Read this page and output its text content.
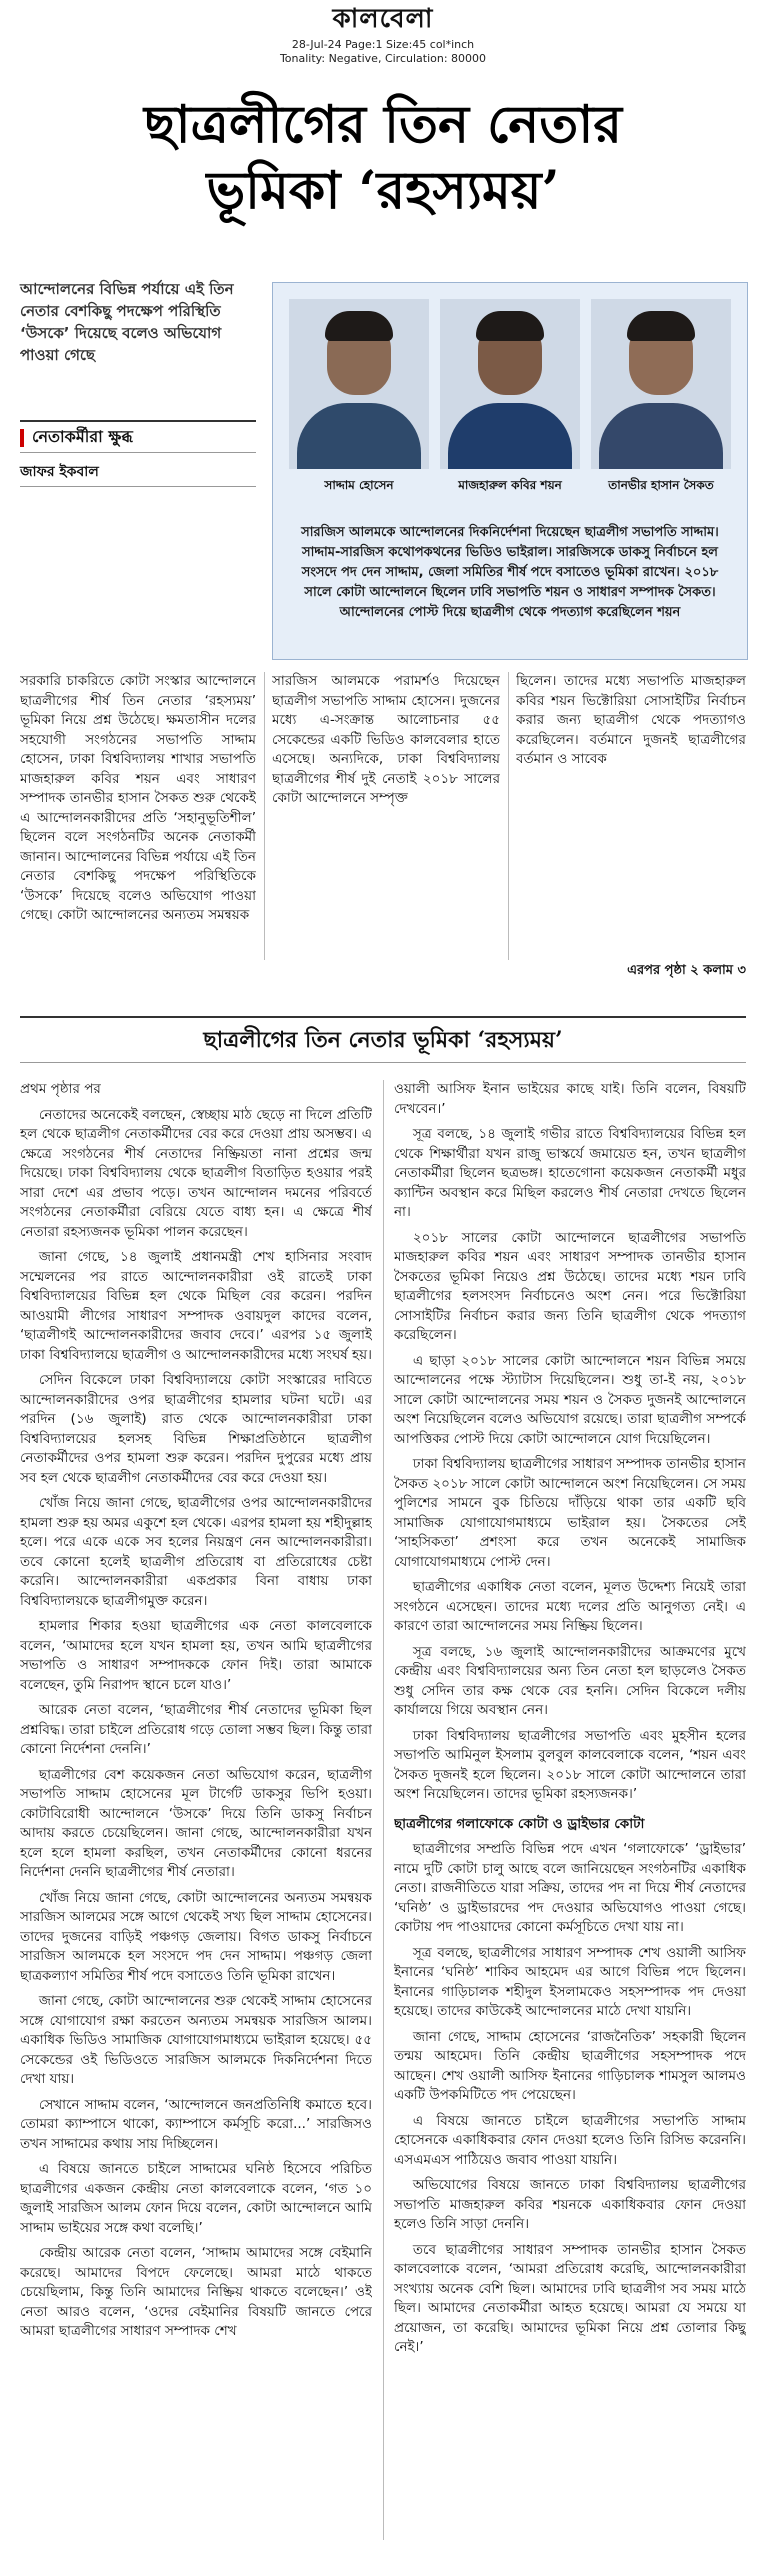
কালবেলা
28-Jul-24 Page:1 Size:45 col*inch
Tonality: Negative, Circulation: 80000
ছাত্রলীগের তিন নেতার
ভূমিকা ‘রহস্যময়’
আন্দোলনের বিভিন্ন পর্যায়ে এই তিন নেতার বেশকিছু পদক্ষেপ পরিস্থিতি ‘উসকে’ দিয়েছে বলেও অভিযোগ পাওয়া গেছে
নেতাকর্মীরা ক্ষুব্ধ
জাফর ইকবাল
সাদ্দাম হোসেন	মাজহারুল কবির শয়ন	তানভীর হাসান সৈকত
সারজিস আলমকে আন্দোলনের দিকনির্দেশনা দিয়েছেন ছাত্রলীগ সভাপতি সাদ্দাম। সাদ্দাম-সারজিস কথোপকথনের ভিডিও ভাইরাল। সারজিসকে ডাকসু নির্বাচনে হল সংসদে পদ দেন সাদ্দাম, জেলা সমিতির শীর্ষ পদে বসাতেও ভূমিকা রাখেন। ২০১৮ সালে কোটা আন্দোলনে ছিলেন ঢাবি সভাপতি শয়ন ও সাধারণ সম্পাদক সৈকত। আন্দোলনের পোস্ট দিয়ে ছাত্রলীগ থেকে পদত্যাগ করেছিলেন শয়ন
সরকারি চাকরিতে কোটা সংস্কার আন্দোলনে ছাত্রলীগের শীর্ষ তিন নেতার ‘রহস্যময়’ ভূমিকা নিয়ে প্রশ্ন উঠেছে। ক্ষমতাসীন দলের সহযোগী সংগঠনের সভাপতি সাদ্দাম হোসেন, ঢাকা বিশ্ববিদ্যালয় শাখার সভাপতি মাজহারুল কবির শয়ন এবং সাধারণ সম্পাদক তানভীর হাসান সৈকত শুরু থেকেই এ আন্দোলনকারীদের প্রতি ‘সহানুভূতিশীল’ ছিলেন বলে সংগঠনটির অনেক নেতাকর্মী জানান। আন্দোলনের বিভিন্ন পর্যায়ে এই তিন নেতার বেশকিছু পদক্ষেপ পরিস্থিতিকে ‘উসকে’ দিয়েছে বলেও অভিযোগ পাওয়া গেছে। কোটা আন্দোলনের অন্যতম সমন্বয়ক
সারজিস আলমকে পরামর্শও দিয়েছেন ছাত্রলীগ সভাপতি সাদ্দাম হোসেন। দুজনের মধ্যে এ-সংক্রান্ত আলোচনার ৫৫ সেকেন্ডের একটি ভিডিও কালবেলার হাতে এসেছে। অন্যদিকে, ঢাকা বিশ্ববিদ্যালয় ছাত্রলীগের শীর্ষ দুই নেতাই ২০১৮ সালের কোটা আন্দোলনে সম্পৃক্ত
ছিলেন। তাদের মধ্যে সভাপতি মাজহারুল কবির শয়ন ভিক্টোরিয়া সোসাইটির নির্বাচন করার জন্য ছাত্রলীগ থেকে পদত্যাগও করেছিলেন। বর্তমানে দুজনই ছাত্রলীগের বর্তমান ও সাবেক
এরপর পৃষ্ঠা ২ কলাম ৩
ছাত্রলীগের তিন নেতার ভূমিকা ‘রহস্যময়’

প্রথম পৃষ্ঠার পর

নেতাদের অনেকেই বলছেন, স্বেচ্ছায় মাঠ ছেড়ে না দিলে প্রতিটি হল থেকে ছাত্রলীগ নেতাকর্মীদের বের করে দেওয়া প্রায় অসম্ভব। এ ক্ষেত্রে সংগঠনের শীর্ষ নেতাদের নিষ্ক্রিয়তা নানা প্রশ্নের জন্ম দিয়েছে। ঢাকা বিশ্ববিদ্যালয় থেকে ছাত্রলীগ বিতাড়িত হওয়ার পরই সারা দেশে এর প্রভাব পড়ে। তখন আন্দোলন দমনের পরিবর্তে সংগঠনের নেতাকর্মীরা বেরিয়ে যেতে বাধ্য হন। এ ক্ষেত্রে শীর্ষ নেতারা রহস্যজনক ভূমিকা পালন করেছেন।

জানা গেছে, ১৪ জুলাই প্রধানমন্ত্রী শেখ হাসিনার সংবাদ সম্মেলনের পর রাতে আন্দোলনকারীরা ওই রাতেই ঢাকা বিশ্ববিদ্যালয়ের বিভিন্ন হল থেকে মিছিল বের করেন। পরদিন আওয়ামী লীগের সাধারণ সম্পাদক ওবায়দুল কাদের বলেন, ‘ছাত্রলীগই আন্দোলনকারীদের জবাব দেবে।’ এরপর ১৫ জুলাই ঢাকা বিশ্ববিদ্যালয়ে ছাত্রলীগ ও আন্দোলনকারীদের মধ্যে সংঘর্ষ হয়।

সেদিন বিকেলে ঢাকা বিশ্ববিদ্যালয়ে কোটা সংস্কারের দাবিতে আন্দোলনকারীদের ওপর ছাত্রলীগের হামলার ঘটনা ঘটে। এর পরদিন (১৬ জুলাই) রাত থেকে আন্দোলনকারীরা ঢাকা বিশ্ববিদ্যালয়ের হলসহ বিভিন্ন শিক্ষাপ্রতিষ্ঠানে ছাত্রলীগ নেতাকর্মীদের ওপর হামলা শুরু করেন। পরদিন দুপুরের মধ্যে প্রায় সব হল থেকে ছাত্রলীগ নেতাকর্মীদের বের করে দেওয়া হয়।

খোঁজ নিয়ে জানা গেছে, ছাত্রলীগের ওপর আন্দোলনকারীদের হামলা শুরু হয় অমর একুশে হল থেকে। এরপর হামলা হয় শহীদুল্লাহ হলে। পরে একে একে সব হলের নিয়ন্ত্রণ নেন আন্দোলনকারীরা। তবে কোনো হলেই ছাত্রলীগ প্রতিরোধ বা প্রতিরোধের চেষ্টা করেনি। আন্দোলনকারীরা একপ্রকার বিনা বাধায় ঢাকা বিশ্ববিদ্যালয়কে ছাত্রলীগমুক্ত করেন।

হামলার শিকার হওয়া ছাত্রলীগের এক নেতা কালবেলাকে বলেন, ‘আমাদের হলে যখন হামলা হয়, তখন আমি ছাত্রলীগের সভাপতি ও সাধারণ সম্পাদককে ফোন দিই। তারা আমাকে বলেছেন, তুমি নিরাপদ স্থানে চলে যাও।’

আরেক নেতা বলেন, ‘ছাত্রলীগের শীর্ষ নেতাদের ভূমিকা ছিল প্রশ্নবিদ্ধ। তারা চাইলে প্রতিরোধ গড়ে তোলা সম্ভব ছিল। কিন্তু তারা কোনো নির্দেশনা দেননি।’

ছাত্রলীগের বেশ কয়েকজন নেতা অভিযোগ করেন, ছাত্রলীগ সভাপতি সাদ্দাম হোসেনের মূল টার্গেট ডাকসুর ভিপি হওয়া। কোটাবিরোধী আন্দোলনে ‘উসকে’ দিয়ে তিনি ডাকসু নির্বাচন আদায় করতে চেয়েছিলেন। জানা গেছে, আন্দোলনকারীরা যখন হলে হলে হামলা করছিল, তখন নেতাকর্মীদের কোনো ধরনের নির্দেশনা দেননি ছাত্রলীগের শীর্ষ নেতারা।

খোঁজ নিয়ে জানা গেছে, কোটা আন্দোলনের অন্যতম সমন্বয়ক সারজিস আলমের সঙ্গে আগে থেকেই সখ্য ছিল সাদ্দাম হোসেনের। তাদের দুজনের বাড়িই পঞ্চগড় জেলায়। বিগত ডাকসু নির্বাচনে সারজিস আলমকে হল সংসদে পদ দেন সাদ্দাম। পঞ্চগড় জেলা ছাত্রকল্যাণ সমিতির শীর্ষ পদে বসাতেও তিনি ভূমিকা রাখেন।

জানা গেছে, কোটা আন্দোলনের শুরু থেকেই সাদ্দাম হোসেনের সঙ্গে যোগাযোগ রক্ষা করতেন অন্যতম সমন্বয়ক সারজিস আলম। একাধিক ভিডিও সামাজিক যোগাযোগমাধ্যমে ভাইরাল হয়েছে। ৫৫ সেকেন্ডের ওই ভিডিওতে সারজিস আলমকে দিকনির্দেশনা দিতে দেখা যায়।

সেখানে সাদ্দাম বলেন, ‘আন্দোলনে জনপ্রতিনিধি কমাতে হবে। তোমরা ক্যাম্পাসে থাকো, ক্যাম্পাসে কর্মসূচি করো...’ সারজিসও তখন সাদ্দামের কথায় সায় দিচ্ছিলেন।

এ বিষয়ে জানতে চাইলে সাদ্দামের ঘনিষ্ঠ হিসেবে পরিচিত ছাত্রলীগের একজন কেন্দ্রীয় নেতা কালবেলাকে বলেন, ‘গত ১০ জুলাই সারজিস আলম ফোন দিয়ে বলেন, কোটা আন্দোলনে আমি সাদ্দাম ভাইয়ের সঙ্গে কথা বলেছি।’

কেন্দ্রীয় আরেক নেতা বলেন, ‘সাদ্দাম আমাদের সঙ্গে বেইমানি করেছে। আমাদের বিপদে ফেলেছে। আমরা মাঠে থাকতে চেয়েছিলাম, কিন্তু তিনি আমাদের নিষ্ক্রিয় থাকতে বলেছেন।’ ওই নেতা আরও বলেন, ‘ওদের বেইমানির বিষয়টি জানতে পেরে আমরা ছাত্রলীগের সাধারণ সম্পাদক শেখ

ওয়ালী আসিফ ইনান ভাইয়ের কাছে যাই। তিনি বলেন, বিষয়টি দেখবেন।’

সূত্র বলছে, ১৪ জুলাই গভীর রাতে বিশ্ববিদ্যালয়ের বিভিন্ন হল থেকে শিক্ষার্থীরা যখন রাজু ভাস্কর্যে জমায়েত হন, তখন ছাত্রলীগ নেতাকর্মীরা ছিলেন ছত্রভঙ্গ। হাতেগোনা কয়েকজন নেতাকর্মী মধুর ক্যান্টিন অবস্থান করে মিছিল করলেও শীর্ষ নেতারা দেখতে ছিলেন না।

২০১৮ সালের কোটা আন্দোলনে ছাত্রলীগের সভাপতি মাজহারুল কবির শয়ন এবং সাধারণ সম্পাদক তানভীর হাসান সৈকতের ভূমিকা নিয়েও প্রশ্ন উঠেছে। তাদের মধ্যে শয়ন ঢাবি ছাত্রলীগের হলসংসদ নির্বাচনেও অংশ নেন। পরে ভিক্টোরিয়া সোসাইটির নির্বাচন করার জন্য তিনি ছাত্রলীগ থেকে পদত্যাগ করেছিলেন।

এ ছাড়া ২০১৮ সালের কোটা আন্দোলনে শয়ন বিভিন্ন সময়ে আন্দোলনের পক্ষে স্ট্যাটাস দিয়েছিলেন। শুধু তা-ই নয়, ২০১৮ সালে কোটা আন্দোলনের সময় শয়ন ও সৈকত দুজনই আন্দোলনে অংশ নিয়েছিলেন বলেও অভিযোগ রয়েছে। তারা ছাত্রলীগ সম্পর্কে আপত্তিকর পোস্ট দিয়ে কোটা আন্দোলনে যোগ দিয়েছিলেন।

ঢাকা বিশ্ববিদ্যালয় ছাত্রলীগের সাধারণ সম্পাদক তানভীর হাসান সৈকত ২০১৮ সালে কোটা আন্দোলনে অংশ নিয়েছিলেন। সে সময় পুলিশের সামনে বুক চিতিয়ে দাঁড়িয়ে থাকা তার একটি ছবি সামাজিক যোগাযোগমাধ্যমে ভাইরাল হয়। সৈকতের সেই ‘সাহসিকতা’ প্রশংসা করে তখন অনেকেই সামাজিক যোগাযোগমাধ্যমে পোস্ট দেন।

ছাত্রলীগের একাধিক নেতা বলেন, মূলত উদ্দেশ্য নিয়েই তারা সংগঠনে এসেছেন। তাদের মধ্যে দলের প্রতি আনুগত্য নেই। এ কারণে তারা আন্দোলনের সময় নিষ্ক্রিয় ছিলেন।

সূত্র বলছে, ১৬ জুলাই আন্দোলনকারীদের আক্রমণের মুখে কেন্দ্রীয় এবং বিশ্ববিদ্যালয়ের অন্য তিন নেতা হল ছাড়লেও সৈকত শুধু সেদিন তার কক্ষ থেকে বের হননি। সেদিন বিকেলে দলীয় কার্যালয়ে গিয়ে অবস্থান নেন।

ঢাকা বিশ্ববিদ্যালয় ছাত্রলীগের সভাপতি এবং মুহসীন হলের সভাপতি আমিনুল ইসলাম বুলবুল কালবেলাকে বলেন, ‘শয়ন এবং সৈকত দুজনই হলে ছিলেন। ২০১৮ সালে কোটা আন্দোলনে তারা অংশ নিয়েছিলেন। তাদের ভূমিকা রহস্যজনক।’

ছাত্রলীগের গলাফোকে কোটা ও ড্রাইভার কোটা

ছাত্রলীগের সম্প্রতি বিভিন্ন পদে এখন ‘গলাফোকে’ ‘ড্রাইভার’ নামে দুটি কোটা চালু আছে বলে জানিয়েছেন সংগঠনটির একাধিক নেতা। রাজনীতিতে যারা সক্রিয়, তাদের পদ না দিয়ে শীর্ষ নেতাদের ‘ঘনিষ্ঠ’ ও ড্রাইভারদের পদ দেওয়ার অভিযোগও পাওয়া গেছে। কোটায় পদ পাওয়াদের কোনো কর্মসূচিতে দেখা যায় না।

সূত্র বলছে, ছাত্রলীগের সাধারণ সম্পাদক শেখ ওয়ালী আসিফ ইনানের ‘ঘনিষ্ঠ’ শাকিব আহমেদ এর আগে বিভিন্ন পদে ছিলেন। ইনানের গাড়িচালক শহীদুল ইসলামকেও সহসম্পাদক পদ দেওয়া হয়েছে। তাদের কাউকেই আন্দোলনের মাঠে দেখা যায়নি।

জানা গেছে, সাদ্দাম হোসেনের ‘রাজনৈতিক’ সহকারী ছিলেন তন্ময় আহমেদ। তিনি কেন্দ্রীয় ছাত্রলীগের সহসম্পাদক পদে আছেন। শেখ ওয়ালী আসিফ ইনানের গাড়িচালক শামসুল আলমও একটি উপকমিটিতে পদ পেয়েছেন।

এ বিষয়ে জানতে চাইলে ছাত্রলীগের সভাপতি সাদ্দাম হোসেনকে একাধিকবার ফোন দেওয়া হলেও তিনি রিসিভ করেননি। এসএমএস পাঠিয়েও জবাব পাওয়া যায়নি।

অভিযোগের বিষয়ে জানতে ঢাকা বিশ্ববিদ্যালয় ছাত্রলীগের সভাপতি মাজহারুল কবির শয়নকে একাধিকবার ফোন দেওয়া হলেও তিনি সাড়া দেননি।

তবে ছাত্রলীগের সাধারণ সম্পাদক তানভীর হাসান সৈকত কালবেলাকে বলেন, ‘আমরা প্রতিরোধ করেছি, আন্দোলনকারীরা সংখ্যায় অনেক বেশি ছিল। আমাদের ঢাবি ছাত্রলীগ সব সময় মাঠে ছিল। আমাদের নেতাকর্মীরা আহত হয়েছে। আমরা যে সময়ে যা প্রয়োজন, তা করেছি। আমাদের ভূমিকা নিয়ে প্রশ্ন তোলার কিছু নেই।’
